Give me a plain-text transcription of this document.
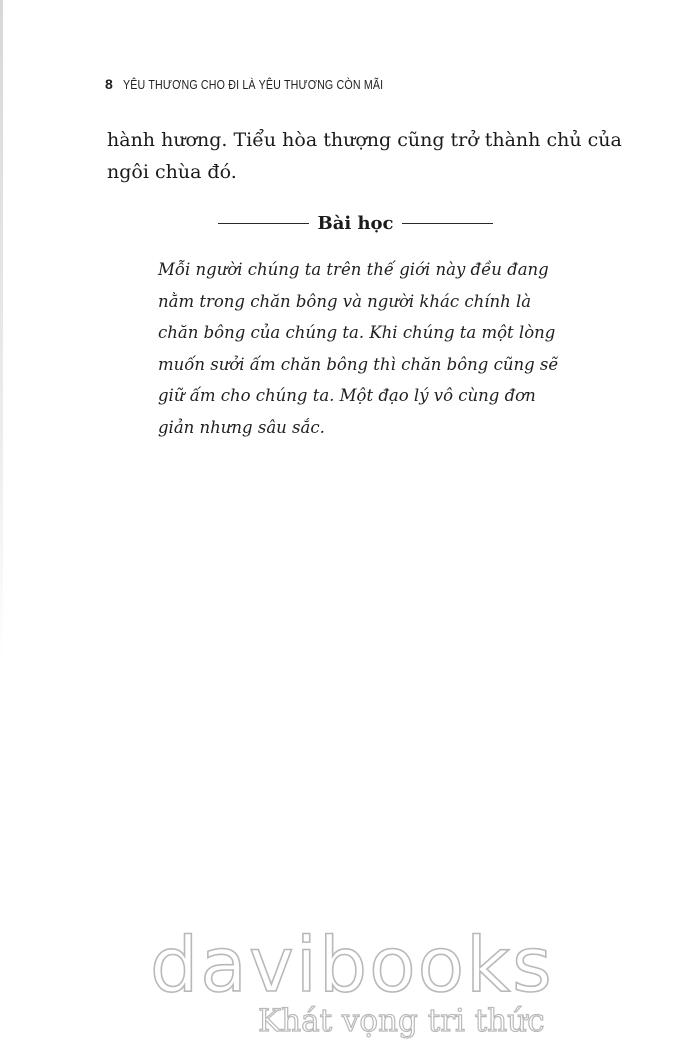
8 YÊU THƯƠNG CHO ĐI LÀ YÊU THƯƠNG CÒN MÃI

hành hương. Tiểu hòa thượng cũng trở thành chủ của
ngôi chùa đó.

Bài học

Mỗi người chúng ta trên thế giới này đều đang
nằm trong chăn bông và người khác chính là
chăn bông của chúng ta. Khi chúng ta một lòng
muốn sưởi ấm chăn bông thì chăn bông cũng sẽ
giữ ấm cho chúng ta. Một đạo lý vô cùng đơn
giản nhưng sâu sắc.

davibooks
Khát vọng tri thức
